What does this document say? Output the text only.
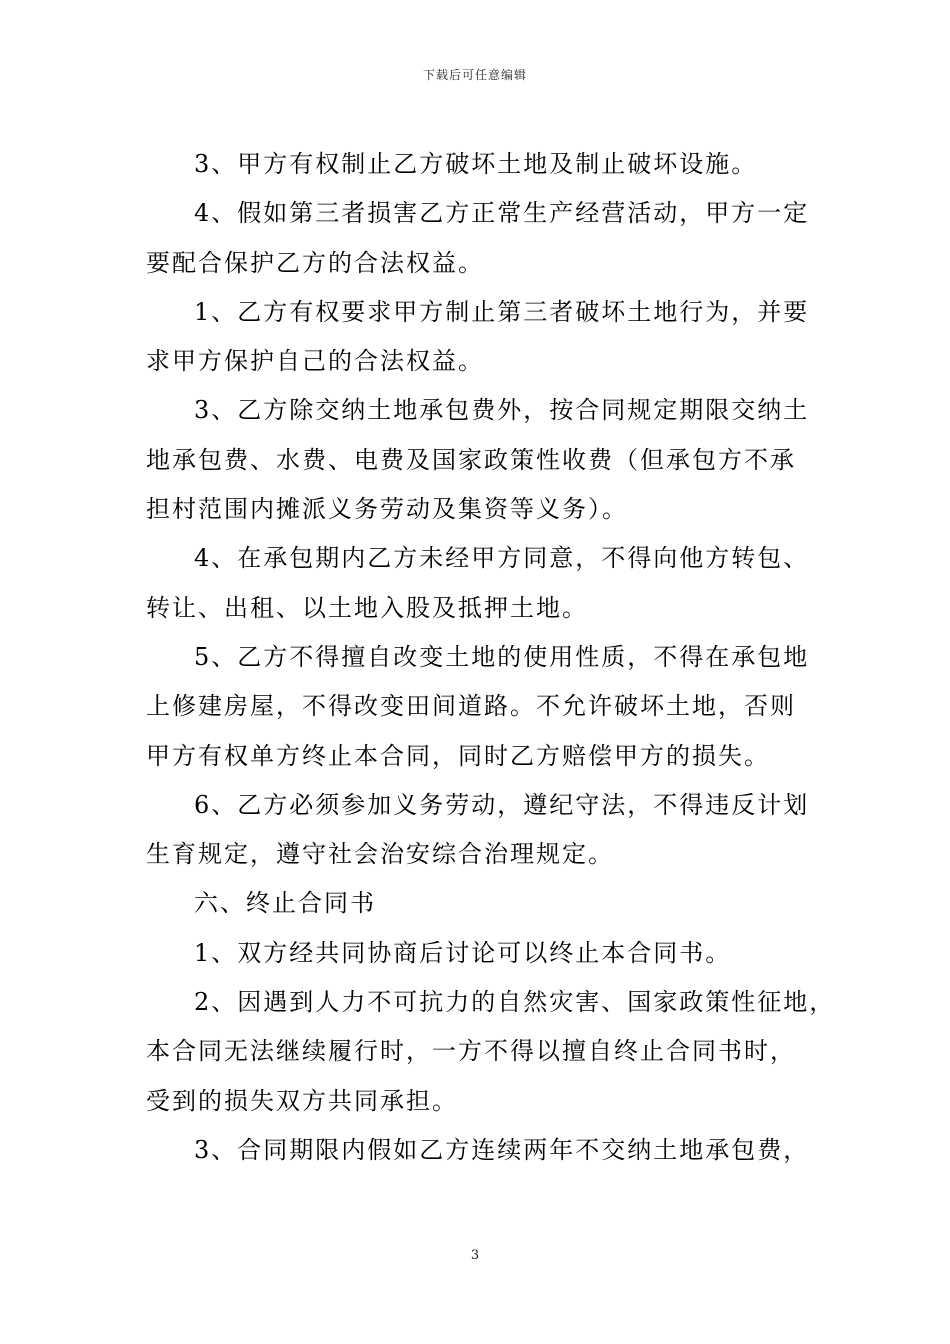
下载后可任意编辑
3、甲方有权制止乙方破坏土地及制止破坏设施。
4、假如第三者损害乙方正常生产经营活动，甲方一定
要配合保护乙方的合法权益。
1、乙方有权要求甲方制止第三者破坏土地行为，并要
求甲方保护自己的合法权益。
3、乙方除交纳土地承包费外，按合同规定期限交纳土
地承包费、水费、电费及国家政策性收费（但承包方不承
担村范围内摊派义务劳动及集资等义务）。
4、在承包期内乙方未经甲方同意，不得向他方转包、
转让、出租、以土地入股及抵押土地。
5、乙方不得擅自改变土地的使用性质，不得在承包地
上修建房屋，不得改变田间道路。不允许破坏土地，否则
甲方有权单方终止本合同，同时乙方赔偿甲方的损失。
6、乙方必须参加义务劳动，遵纪守法，不得违反计划
生育规定，遵守社会治安综合治理规定。
六、终止合同书
1、双方经共同协商后讨论可以终止本合同书。
2、因遇到人力不可抗力的自然灾害、国家政策性征地，
本合同无法继续履行时，一方不得以擅自终止合同书时，
受到的损失双方共同承担。
3、合同期限内假如乙方连续两年不交纳土地承包费，
3
